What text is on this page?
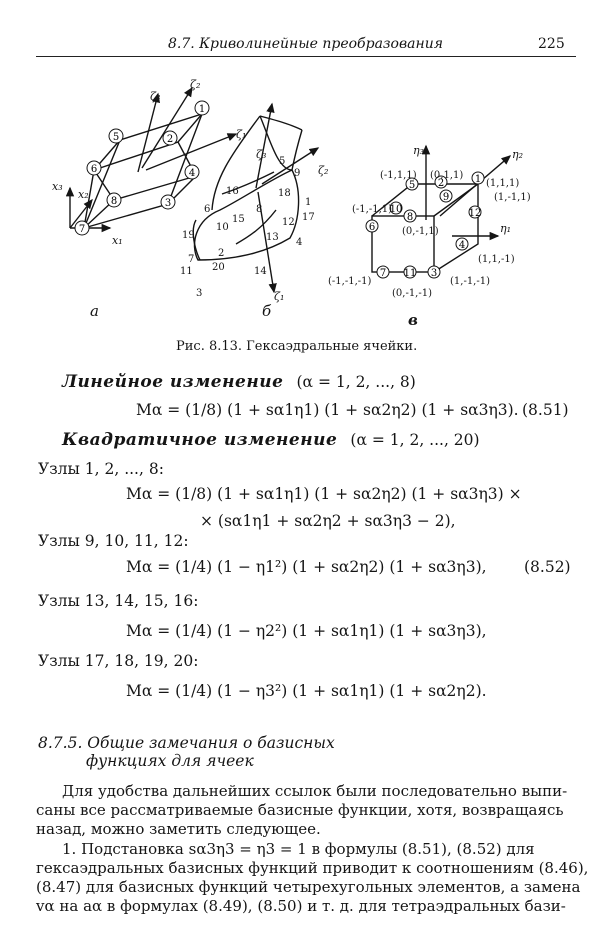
8.7. Криволинейные преобразования	225
x₃
x₂
x₁
ζ₃
ζ₂
ζ₁
1
2
3
4
5
6
7
8
ζ₃
ζ₂
ζ₁
1
2
3
4
5
6
7
8
9
10
11
12
13
14
15
16
17
18
19
20
η₃	η₂
η₁
1
2
3
4
5
6
7
8
9
10
11
12
(-1,1,1) (0,1,1)
(1,1,1)
(1,-1,1)
(-1,-1,1)
(0,-1,1)
(1,1,-1)
(-1,-1,-1)
(0,-1,-1)
(1,-1,-1)
а	б	в
Рис. 8.13. Гексаэдральные ячейки.
Линейное изменение (α = 1, 2, ..., 8)
Mα = (1/8) (1 + sα1η1) (1 + sα2η2) (1 + sα3η3). (8.51)
Квадратичное изменение (α = 1, 2, ..., 20)
Узлы 1, 2, ..., 8:
Mα = (1/8) (1 + sα1η1) (1 + sα2η2) (1 + sα3η3) ×
× (sα1η1 + sα2η2 + sα3η3 − 2),
Узлы 9, 10, 11, 12:
Mα = (1/4) (1 − η1²) (1 + sα2η2) (1 + sα3η3), (8.52)
Узлы 13, 14, 15, 16:
Mα = (1/4) (1 − η2²) (1 + sα1η1) (1 + sα3η3),
Узлы 17, 18, 19, 20:
Mα = (1/4) (1 − η3²) (1 + sα1η1) (1 + sα2η2).
8.7.5. Общие замечания о базисных
функциях для ячеек
Для удобства дальнейших ссылок были последовательно выпи-
саны все рассматриваемые базисные функции, хотя, возвращаясь
назад, можно заметить следующее.
1. Подстановка sα3η3 = η3 = 1 в формулы (8.51), (8.52) для
гексаэдральных базисных функций приводит к соотношениям (8.46),
(8.47) для базисных функций четырехугольных элементов, а замена
vα на aα в формулах (8.49), (8.50) и т. д. для тетраэдральных бази-
